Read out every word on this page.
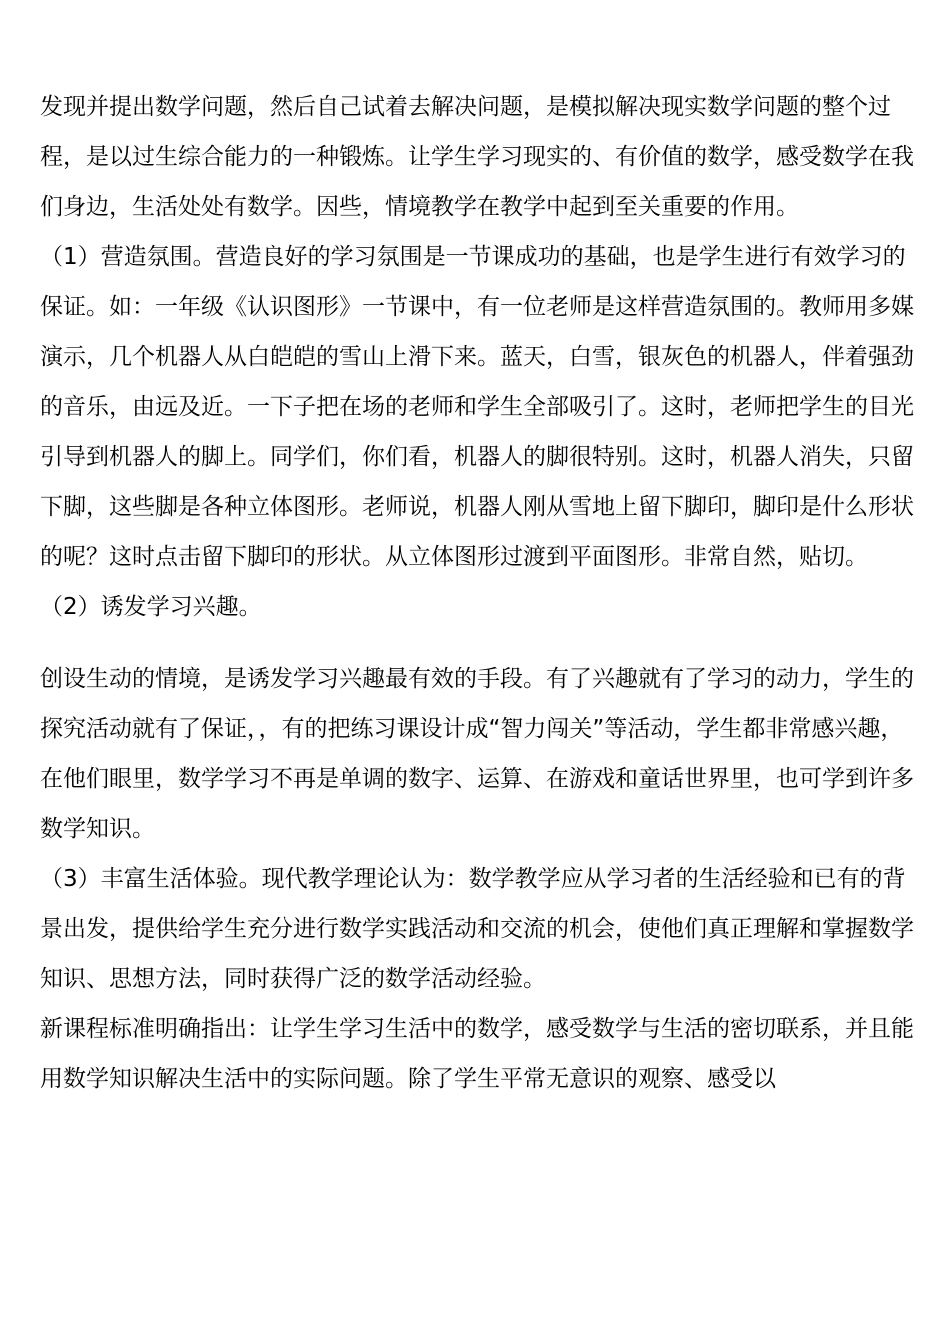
发现并提出数学问题，然后自己试着去解决问题，是模拟解决现实数学问题的整个过程，是以过生综合能力的一种锻炼。让学生学习现实的、有价值的数学，感受数学在我们身边，生活处处有数学。因些，情境教学在教学中起到至关重要的作用。

（1）营造氛围。营造良好的学习氛围是一节课成功的基础，也是学生进行有效学习的保证。如：一年级《认识图形》一节课中，有一位老师是这样营造氛围的。教师用多媒演示，几个机器人从白皑皑的雪山上滑下来。蓝天，白雪，银灰色的机器人，伴着强劲的音乐，由远及近。一下子把在场的老师和学生全部吸引了。这时，老师把学生的目光引导到机器人的脚上。同学们，你们看，机器人的脚很特别。这时，机器人消失，只留下脚，这些脚是各种立体图形。老师说，机器人刚从雪地上留下脚印，脚印是什么形状的呢？这时点击留下脚印的形状。从立体图形过渡到平面图形。非常自然，贴切。

（2）诱发学习兴趣。

创设生动的情境，是诱发学习兴趣最有效的手段。有了兴趣就有了学习的动力，学生的探究活动就有了保证，，有的把练习课设计成“智力闯关”等活动，学生都非常感兴趣，在他们眼里，数学学习不再是单调的数字、运算、在游戏和童话世界里，也可学到许多数学知识。

（3）丰富生活体验。现代教学理论认为：数学教学应从学习者的生活经验和已有的背景出发，提供给学生充分进行数学实践活动和交流的机会，使他们真正理解和掌握数学知识、思想方法，同时获得广泛的数学活动经验。

新课程标准明确指出：让学生学习生活中的数学，感受数学与生活的密切联系，并且能用数学知识解决生活中的实际问题。除了学生平常无意识的观察、感受以
